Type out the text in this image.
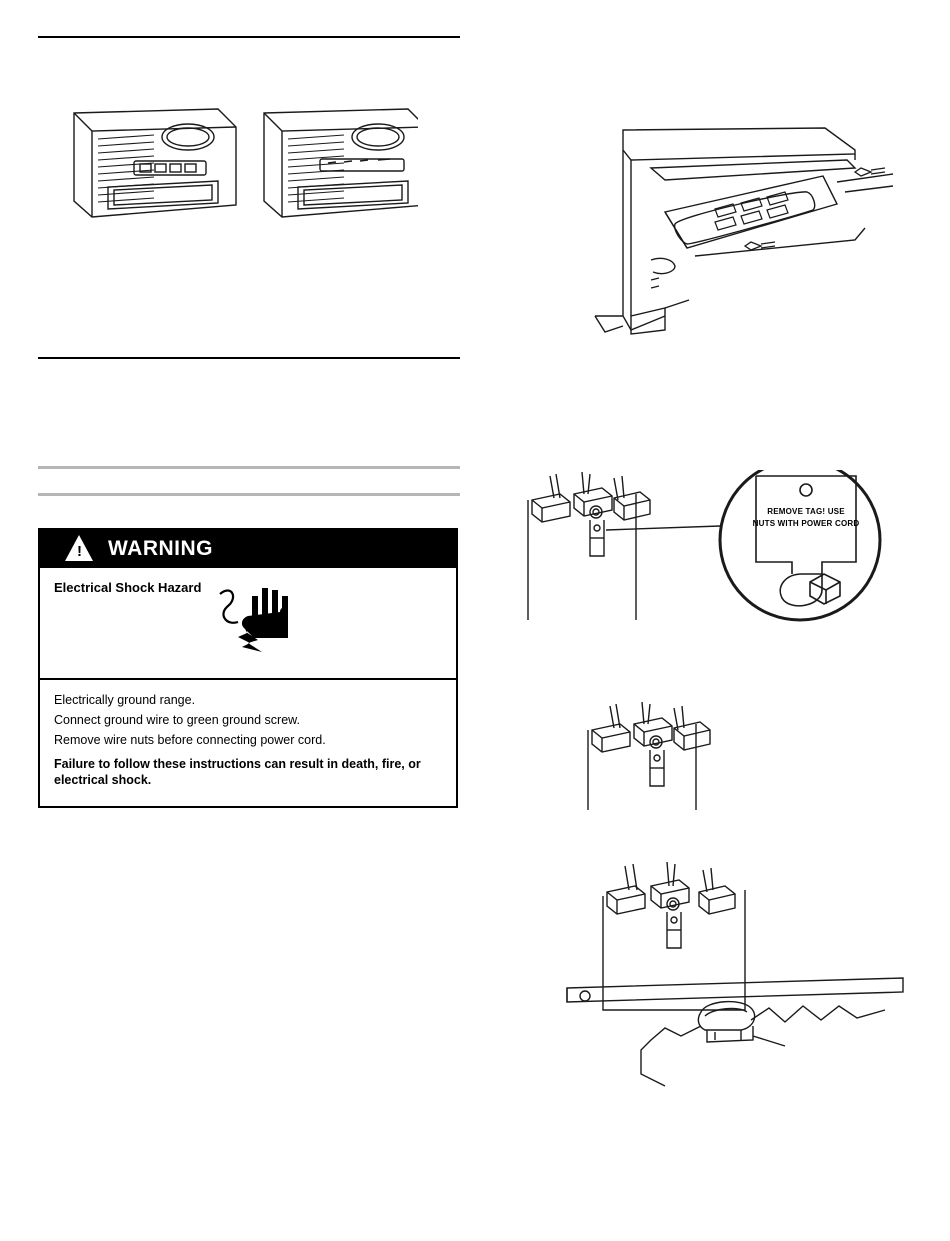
! WARNING
Electrical Shock Hazard

Electrically ground range.

Connect ground wire to green ground screw.

Remove wire nuts before connecting power cord.

Failure to follow these instructions can result in death, fire, or electrical shock.

REMOVE TAG! USE
NUTS WITH POWER CORD
